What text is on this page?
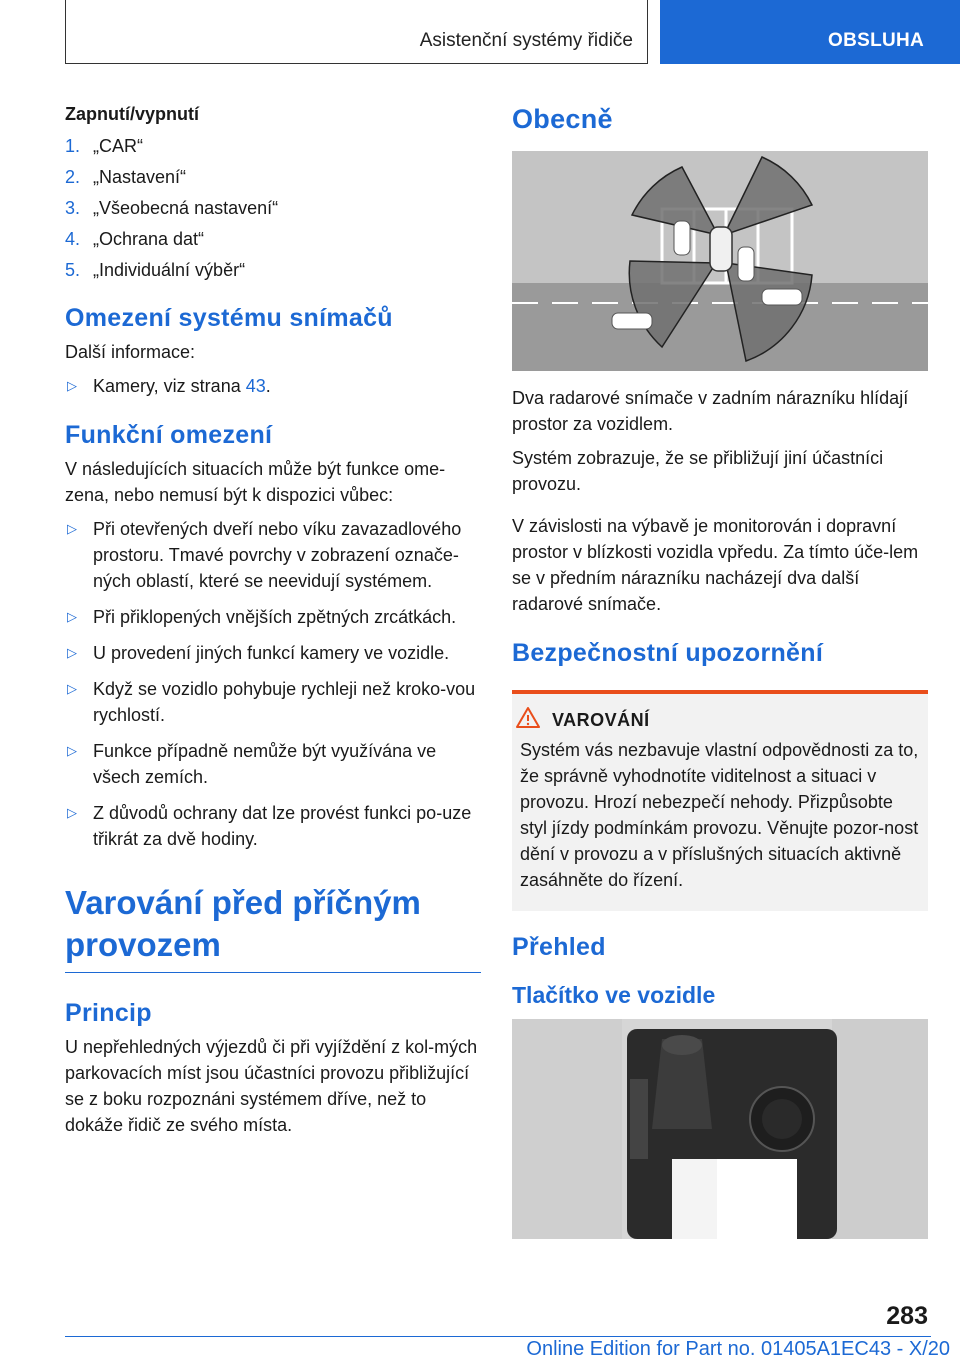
Asistenční systémy řidiče	OBSLUHA
Zapnutí/vypnutí
1. „CAR“
2. „Nastavení“
3. „Všeobecná nastavení“
4. „Ochrana dat“
5. „Individuální výběr“
Omezení systému snímačů

Další informace:

▷ Kamery, viz strana 43.
Funkční omezení

V následujících situacích může být funkce ome-zena, nebo nemusí být k dispozici vůbec:

▷ Při otevřených dveří nebo víku zavazadlového prostoru. Tmavé povrchy v zobrazení označe-ných oblastí, které se neevidují systémem.
▷ Při přiklopených vnějších zpětných zrcátkách.
▷ U provedení jiných funkcí kamery ve vozidle.
▷ Když se vozidlo pohybuje rychleji než kroko-vou rychlostí.
▷ Funkce případně nemůže být využívána ve všech zemích.
▷ Z důvodů ochrany dat lze provést funkci po-uze třikrát za dvě hodiny.
Varování před příčným provozem
Princip

U nepřehledných výjezdů či při vyjíždění z kol-mých parkovacích míst jsou účastníci provozu přibližující se z boku rozpoznáni systémem dříve, než to dokáže řidič ze svého místa.

Obecně

Dva radarové snímače v zadním nárazníku hlídají prostor za vozidlem.

Systém zobrazuje, že se přibližují jiní účastníci provozu.

V závislosti na výbavě je monitorován i dopravní prostor v blízkosti vozidla vpředu. Za tímto úče-lem se v předním nárazníku nacházejí dva další radarové snímače.

Bezpečnostní upozornění
VAROVÁNÍ

Systém vás nezbavuje vlastní odpovědnosti za to, že správně vyhodnotíte viditelnost a situaci v provozu. Hrozí nebezpečí nehody. Přizpůsobte styl jízdy podmínkám provozu. Věnujte pozor-nost dění v provozu a v příslušných situacích aktivně zasáhněte do řízení.

Přehled
Tlačítko ve vozidle
283
Online Edition for Part no. 01405A1EC43 - X/20
